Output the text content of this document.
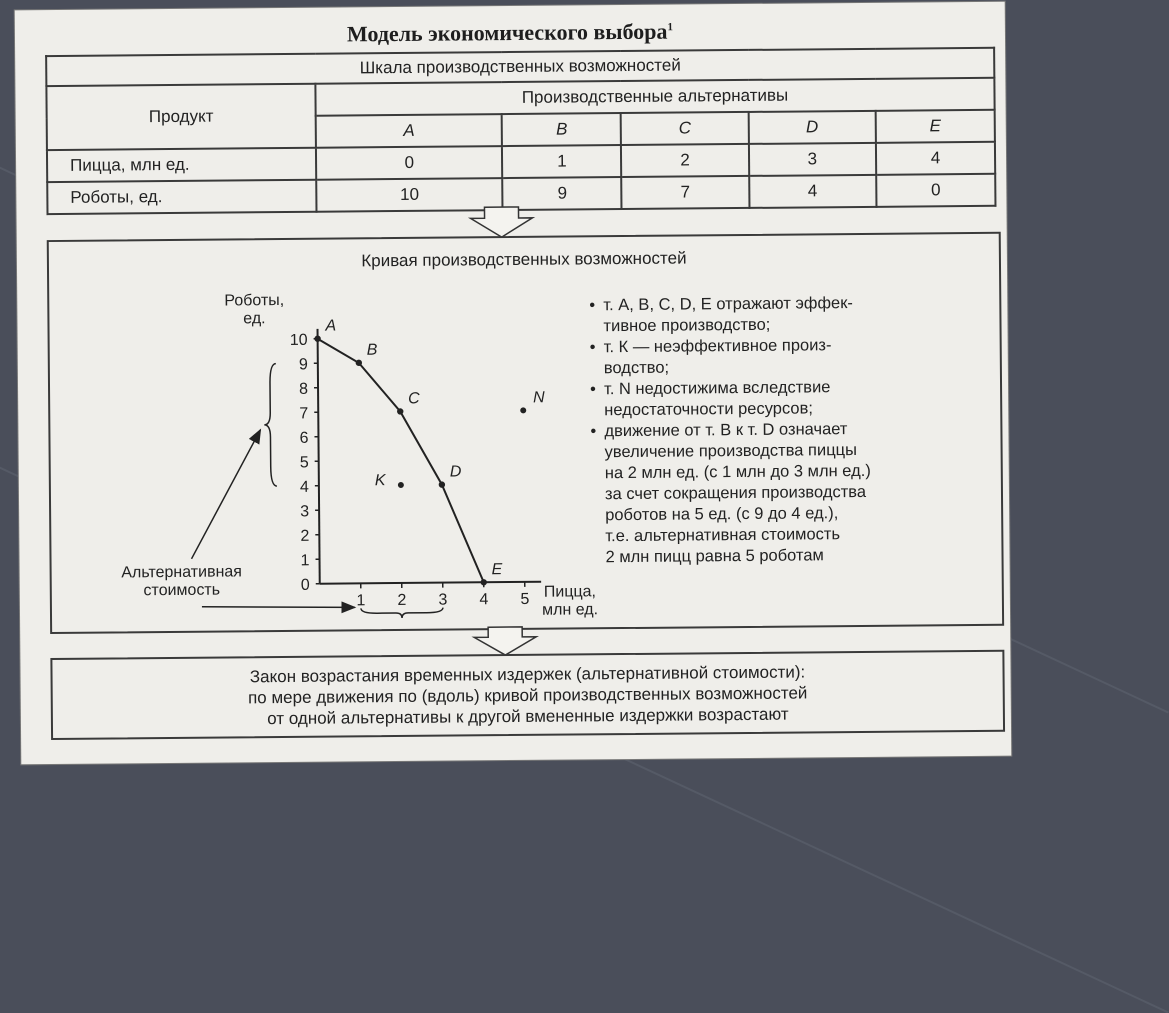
Модель экономического выбора$^1$
Шкала производственных возможностей					
Продукт	Производственные альтернативы				
	A	B	C	D	E
Пицца, млн ед.	0	1	2	3	4
Роботы, ед.	10	9	7	4	0
Кривая производственных возможностей
0
1
2
3
4
5
6
7
8
9
10
1 2 3 4 5
Роботы,
ед.
Пицца,
млн ед.
A
B
C
D
E
K
N
Альтернативная
стоимость
• т. А, В, С, D, Е отражают эффек-
тивное производство;
• т. К — неэффективное произ-
водство;
• т. N недостижима вследствие
недостаточности ресурсов;
• движение от т. В к т. D означает
увеличение производства пиццы
на 2 млн ед. (с 1 млн до 3 млн ед.)
за счет сокращения производства
роботов на 5 ед. (с 9 до 4 ед.),
т.е. альтернативная стоимость
2 млн пицц равна 5 роботам
Закон возрастания временных издержек (альтернативной стоимости):
по мере движения по (вдоль) кривой производственных возможностей
от одной альтернативы к другой вмененные издержки возрастают
